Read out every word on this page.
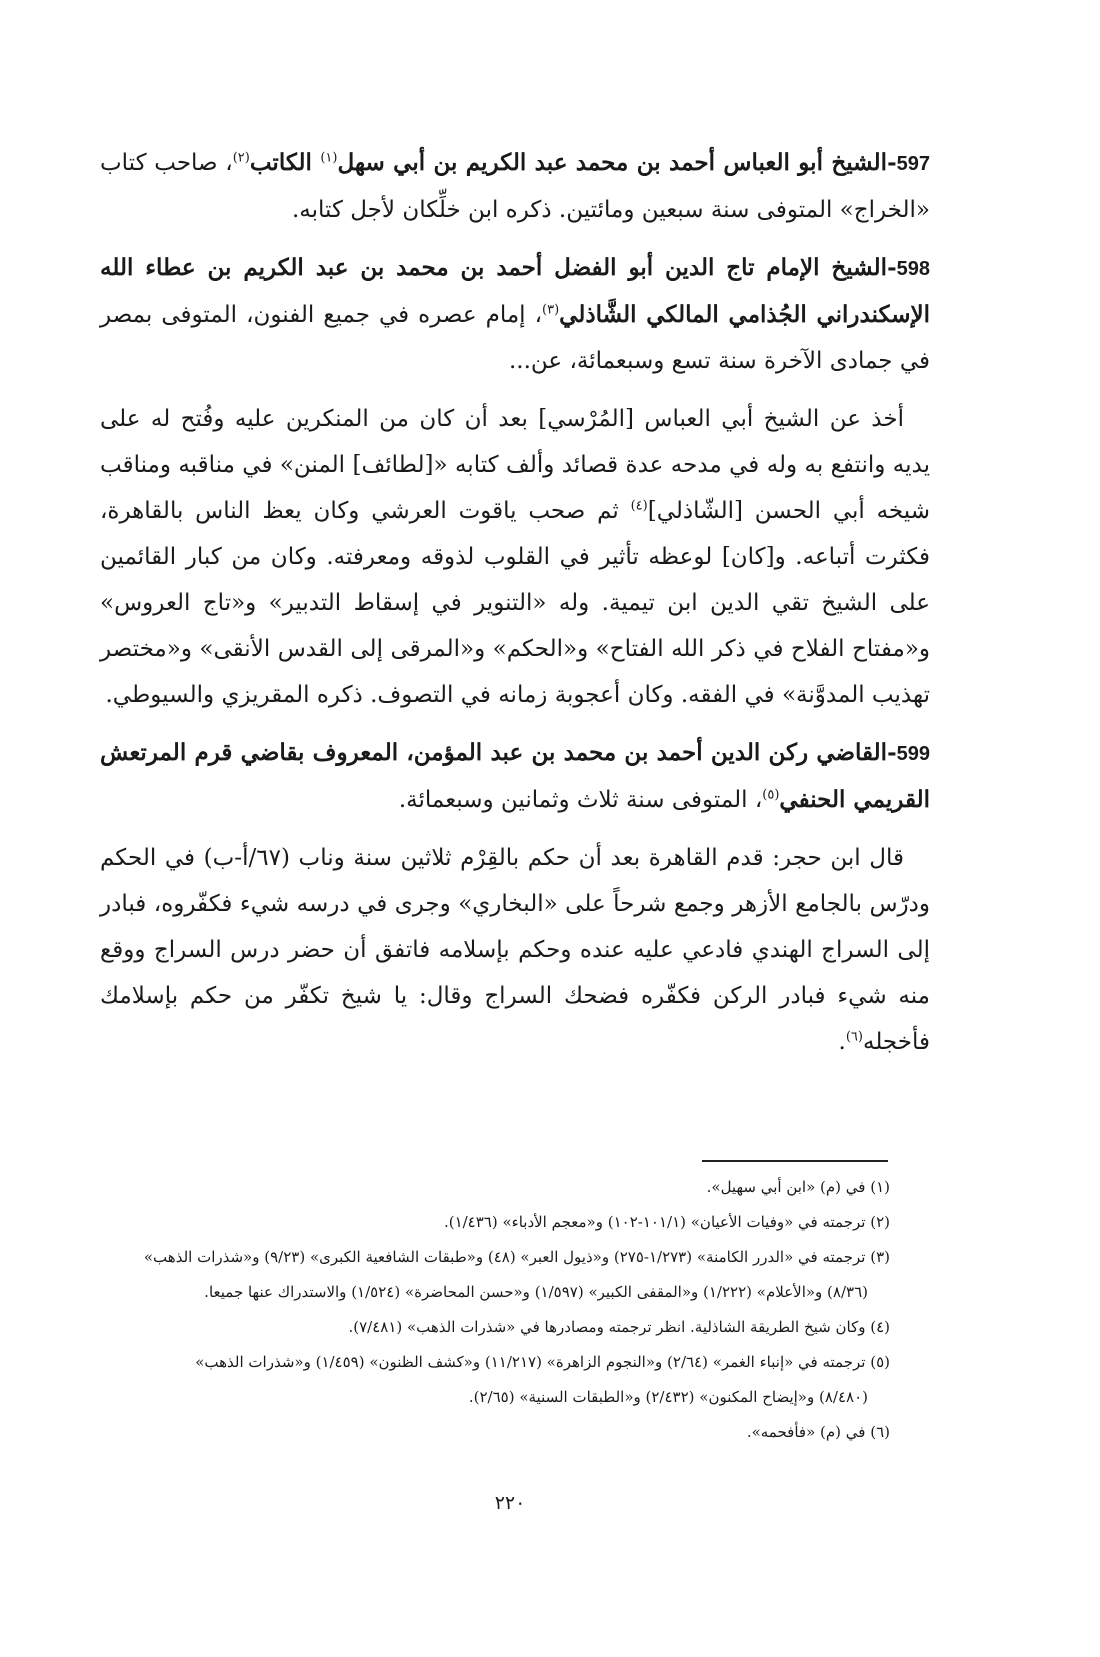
597-الشيخ أبو العباس أحمد بن محمد عبد الكريم بن أبي سهل$^{(١)}$ الكاتب$^{(٢)}$، صاحب كتاب «الخراج» المتوفى سنة سبعين ومائتين. ذكره ابن خلِّكان لأجل كتابه.

598-الشيخ الإمام تاج الدين أبو الفضل أحمد بن محمد بن عبد الكريم بن عطاء الله الإسكندراني الجُذامي المالكي الشَّاذلي$^{(٣)}$، إمام عصره في جميع الفنون، المتوفى بمصر في جمادى الآخرة سنة تسع وسبعمائة، عن...

أخذ عن الشيخ أبي العباس [المُرْسي] بعد أن كان من المنكرين عليه وفُتح له على يديه وانتفع به وله في مدحه عدة قصائد وألف كتابه «[لطائف] المنن» في مناقبه ومناقب شيخه أبي الحسن [الشّاذلي]$^{(٤)}$ ثم صحب ياقوت العرشي وكان يعظ الناس بالقاهرة، فكثرت أتباعه. و[كان] لوعظه تأثير في القلوب لذوقه ومعرفته. وكان من كبار القائمين على الشيخ تقي الدين ابن تيمية. وله «التنوير في إسقاط التدبير» و«تاج العروس» و«مفتاح الفلاح في ذكر الله الفتاح» و«الحكم» و«المرقى إلى القدس الأنقى» و«مختصر تهذيب المدوَّنة» في الفقه. وكان أعجوبة زمانه في التصوف. ذكره المقريزي والسيوطي.

599-القاضي ركن الدين أحمد بن محمد بن عبد المؤمن، المعروف بقاضي قرم المرتعش القريمي الحنفي$^{(٥)}$، المتوفى سنة ثلاث وثمانين وسبعمائة.

قال ابن حجر: قدم القاهرة بعد أن حكم بالقِرْم ثلاثين سنة وناب (٦٧/أ-ب) في الحكم ودرّس بالجامع الأزهر وجمع شرحاً على «البخاري» وجرى في درسه شيء فكفّروه، فبادر إلى السراج الهندي فادعي عليه عنده وحكم بإسلامه فاتفق أن حضر درس السراج ووقع منه شيء فبادر الركن فكفّره فضحك السراج وقال: يا شيخ تكفّر من حكم بإسلامك فأخجله$^{(٦)}$.

(١) في (م) «ابن أبي سهيل».

(٢) ترجمته في «وفيات الأعيان» (١٠١/١-١٠٢) و«معجم الأدباء» (١/٤٣٦).

(٣) ترجمته في «الدرر الكامنة» (١/٢٧٣-٢٧٥) و«ذيول العبر» (٤٨) و«طبقات الشافعية الكبرى» (٩/٢٣) و«شذرات الذهب»
(٨/٣٦) و«الأعلام» (١/٢٢٢) و«المقفى الكبير» (١/٥٩٧) و«حسن المحاضرة» (١/٥٢٤) والاستدراك عنها جميعا.

(٤) وكان شيخ الطريقة الشاذلية. انظر ترجمته ومصادرها في «شذرات الذهب» (٧/٤٨١).

(٥) ترجمته في «إنباء الغمر» (٢/٦٤) و«النجوم الزاهرة» (١١/٢١٧) و«كشف الظنون» (١/٤٥٩) و«شذرات الذهب»
(٨/٤٨٠) و«إيضاح المكنون» (٢/٤٣٢) و«الطبقات السنية» (٢/٦٥).

(٦) في (م) «فأفحمه».

٢٢٠
